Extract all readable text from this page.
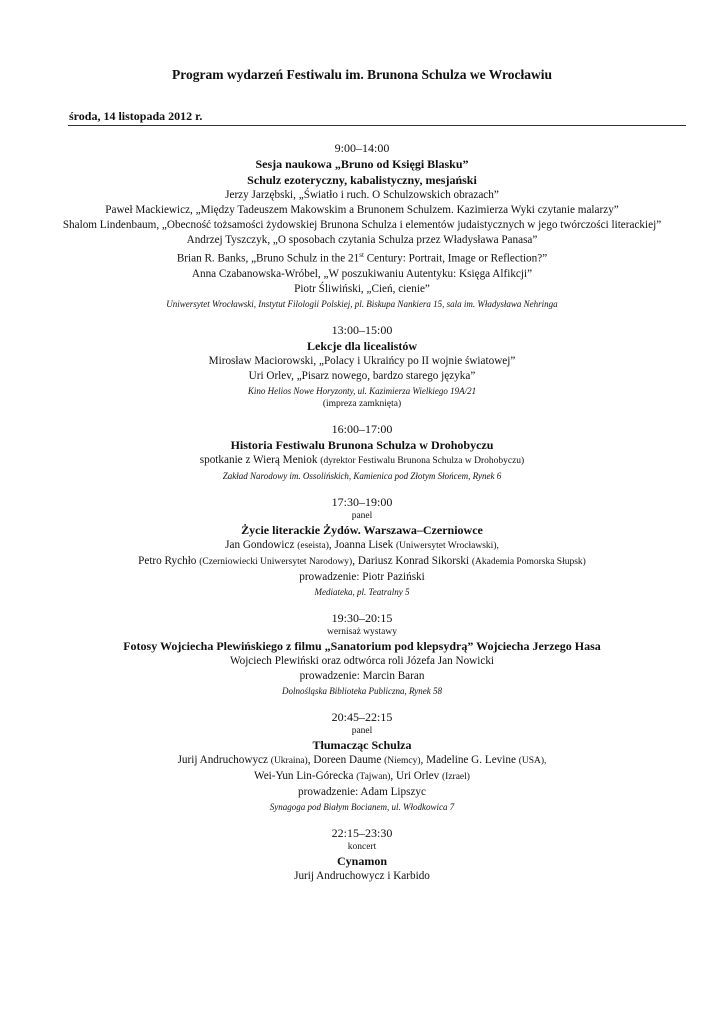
Program wydarzeń Festiwalu im. Brunona Schulza we Wrocławiu
środa, 14 listopada 2012 r.
9:00–14:00
Sesja naukowa „Bruno od Księgi Blasku”
Schulz ezoteryczny, kabalistyczny, mesjański
Jerzy Jarzębski, „Światło i ruch. O Schulzowskich obrazach”
Paweł Mackiewicz, „Między Tadeuszem Makowskim a Brunonem Schulzem. Kazimierza Wyki czytanie malarzy”
Shalom Lindenbaum, „Obecność tożsamości żydowskiej Brunona Schulza i elementów judaistycznych w jego twórczości literackiej”
Andrzej Tyszczyk, „O sposobach czytania Schulza przez Władysława Panasa”
Brian R. Banks, „Bruno Schulz in the 21st Century: Portrait, Image or Reflection?”
Anna Czabanowska-Wróbel, „W poszukiwaniu Autentyku: Księga Alfikcji”
Piotr Śliwiński, „Cień, cienie”
Uniwersytet Wrocławski, Instytut Filologii Polskiej, pl. Biskupa Nankiera 15, sala im. Władysława Nehringa
13:00–15:00
Lekcje dla licealistów
Mirosław Maciorowski, „Polacy i Ukraińcy po II wojnie światowej”
Uri Orlev, „Pisarz nowego, bardzo starego języka”
Kino Helios Nowe Horyzonty, ul. Kazimierza Wielkiego 19A/21
(impreza zamknięta)
16:00–17:00
Historia Festiwalu Brunona Schulza w Drohobyczu
spotkanie z Wierą Meniok (dyrektor Festiwalu Brunona Schulza w Drohobyczu)
Zakład Narodowy im. Ossolińskich, Kamienica pod Złotym Słońcem, Rynek 6
17:30–19:00
panel
Życie literackie Żydów. Warszawa–Czerniowce
Jan Gondowicz (eseista), Joanna Lisek (Uniwersytet Wrocławski),
Petro Rychło (Czerniowiecki Uniwersytet Narodowy), Dariusz Konrad Sikorski (Akademia Pomorska Słupsk)
prowadzenie: Piotr Paziński
Mediateka, pl. Teatralny 5
19:30–20:15
wernisaż wystawy
Fotosy Wojciecha Plewińskiego z filmu „Sanatorium pod klepsydrą” Wojciecha Jerzego Hasa
Wojciech Plewiński oraz odtwórca roli Józefa Jan Nowicki
prowadzenie: Marcin Baran
Dolnośląska Biblioteka Publiczna, Rynek 58
20:45–22:15
panel
Tłumacząc Schulza
Jurij Andruchowycz (Ukraina), Doreen Daume (Niemcy), Madeline G. Levine (USA),
Wei-Yun Lin-Górecka (Tajwan), Uri Orlev (Izrael)
prowadzenie: Adam Lipszyc
Synagoga pod Białym Bocianem, ul. Włodkowica 7
22:15–23:30
koncert
Cynamon
Jurij Andruchowycz i Karbido
